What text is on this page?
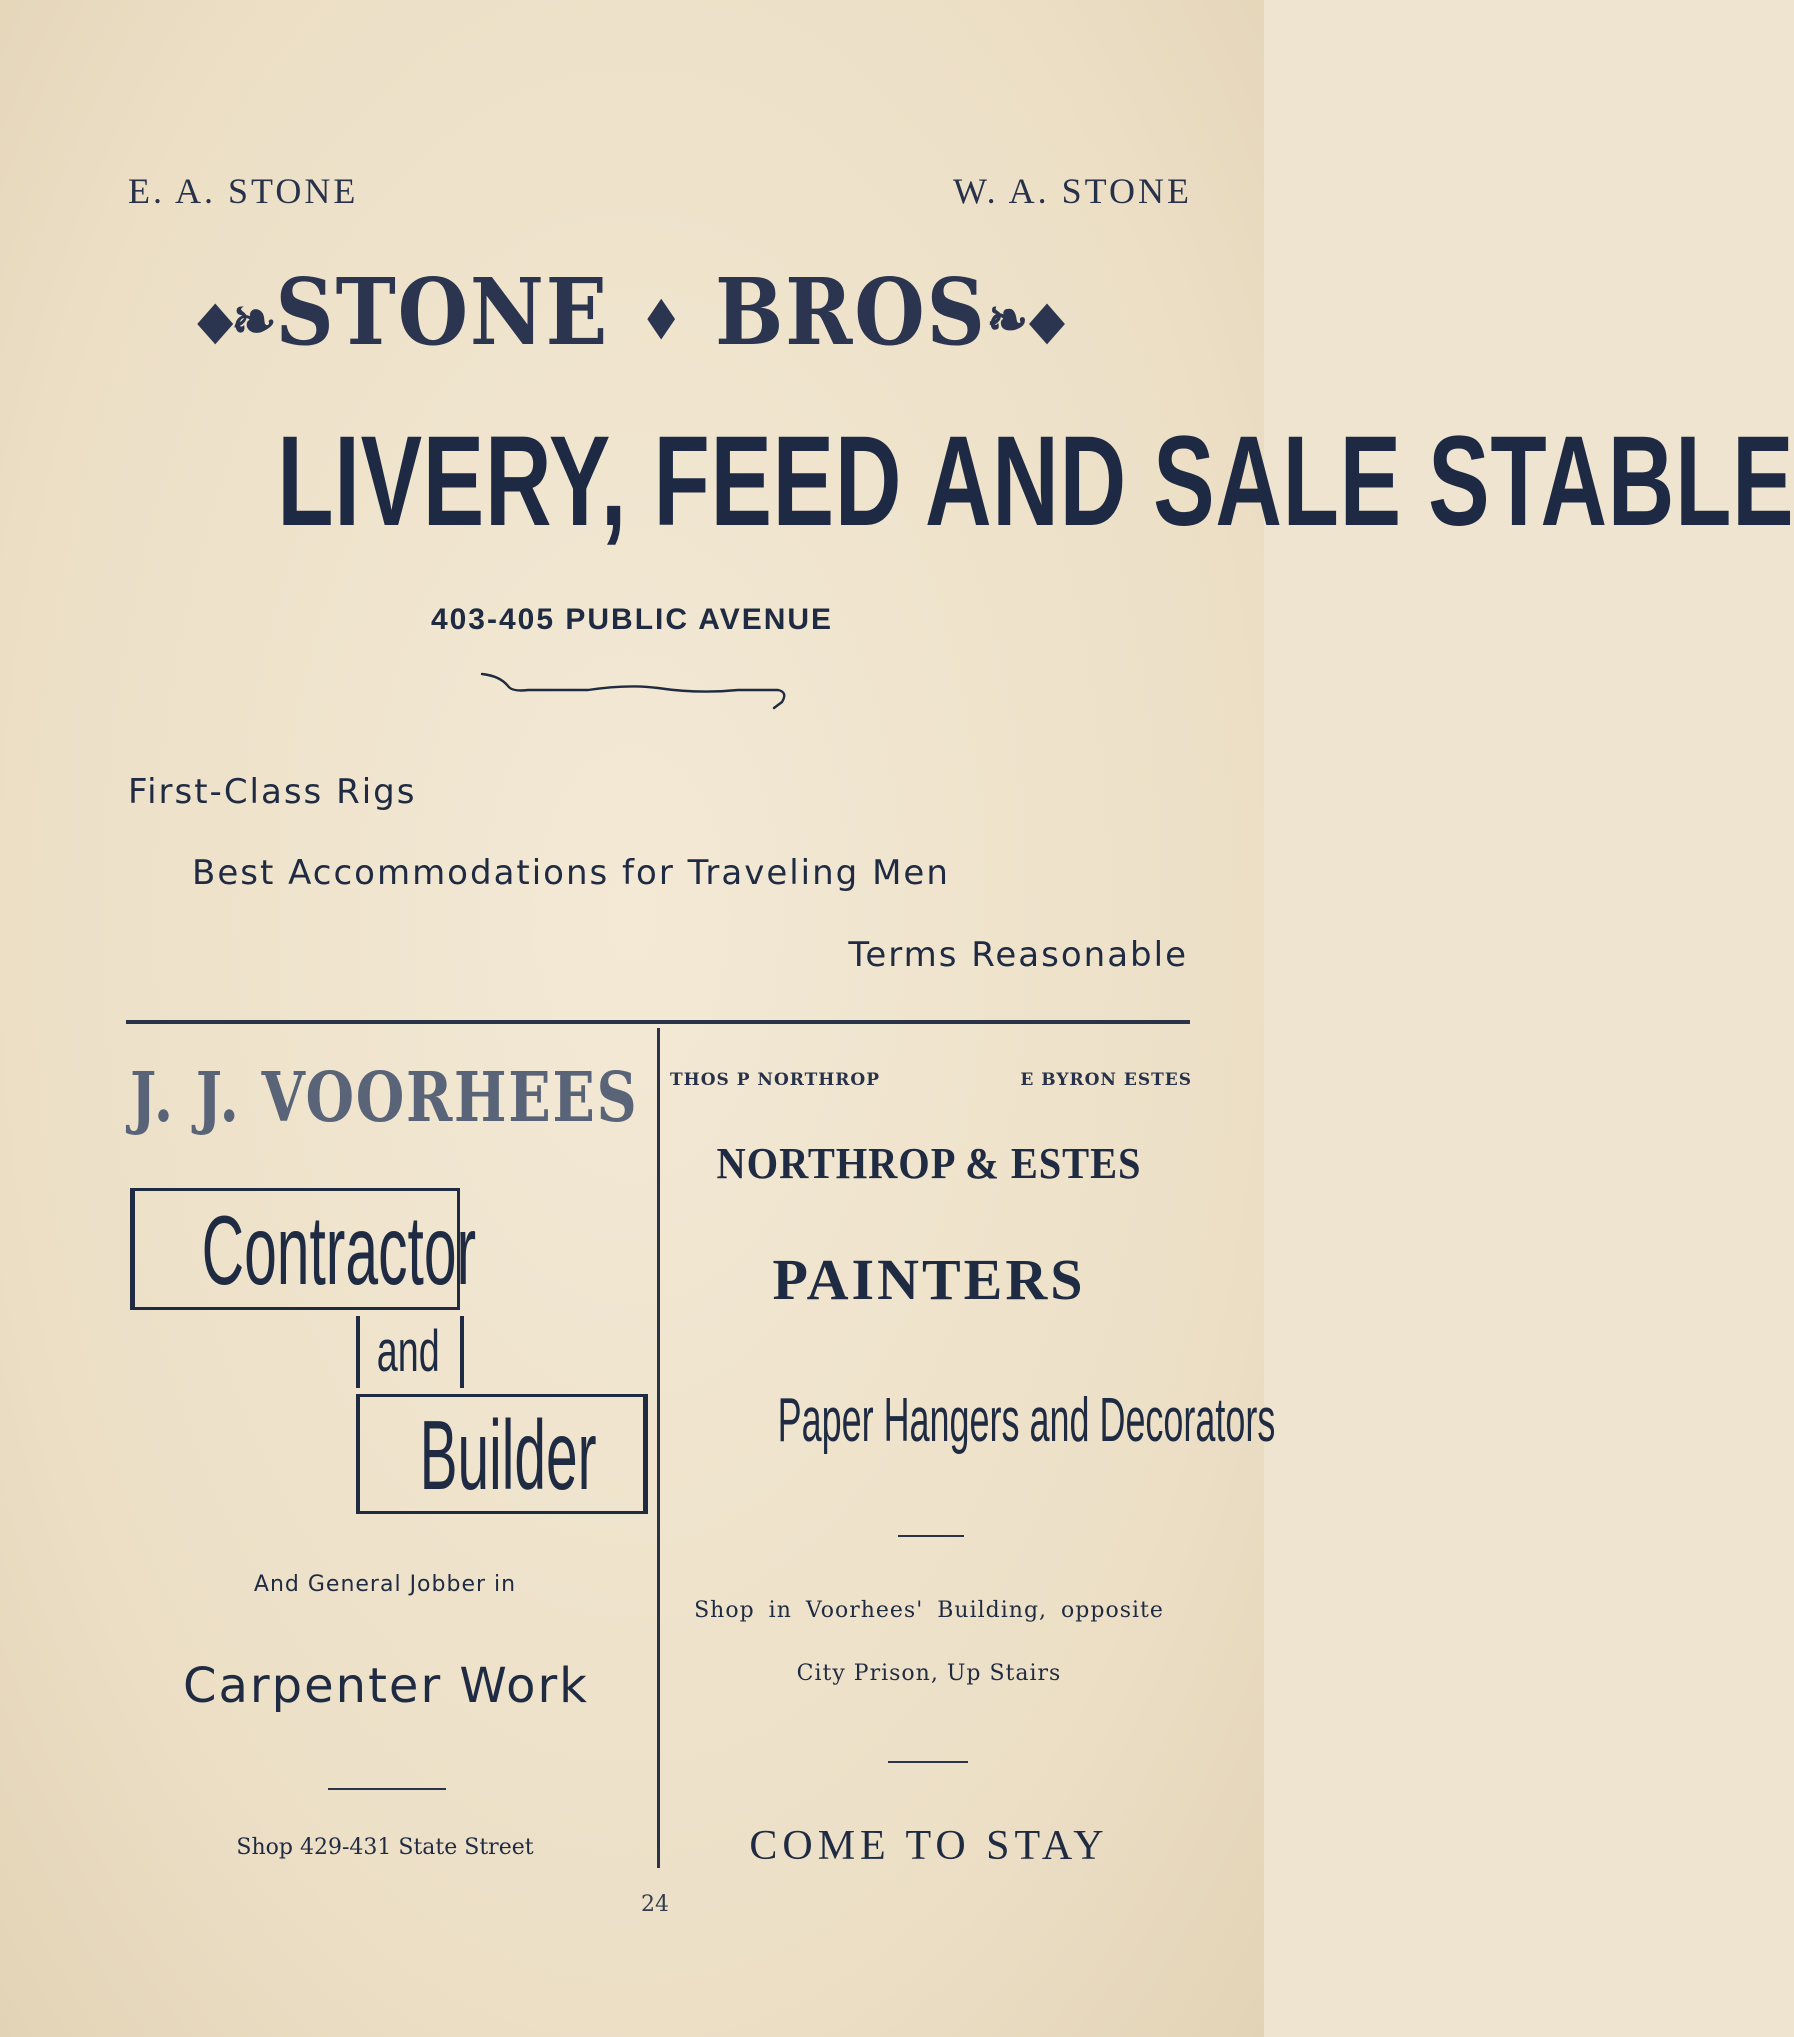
E. A. STONE	W. A. STONE
⬥❧STONE ♦ BROS❧⬥
LIVERY, FEED AND SALE STABLE
403-405 PUBLIC AVENUE
First-Class Rigs
Best Accommodations for Traveling Men
Terms Reasonable
J. J. VOORHEES
Contractor
and
Builder
And General Jobber in
Carpenter Work
Shop 429-431 State Street
THOS P NORTHROP	E BYRON ESTES
NORTHROP & ESTES
PAINTERS
Paper Hangers and Decorators
Shop in Voorhees' Building, opposite
City Prison, Up Stairs
COME TO STAY
24
